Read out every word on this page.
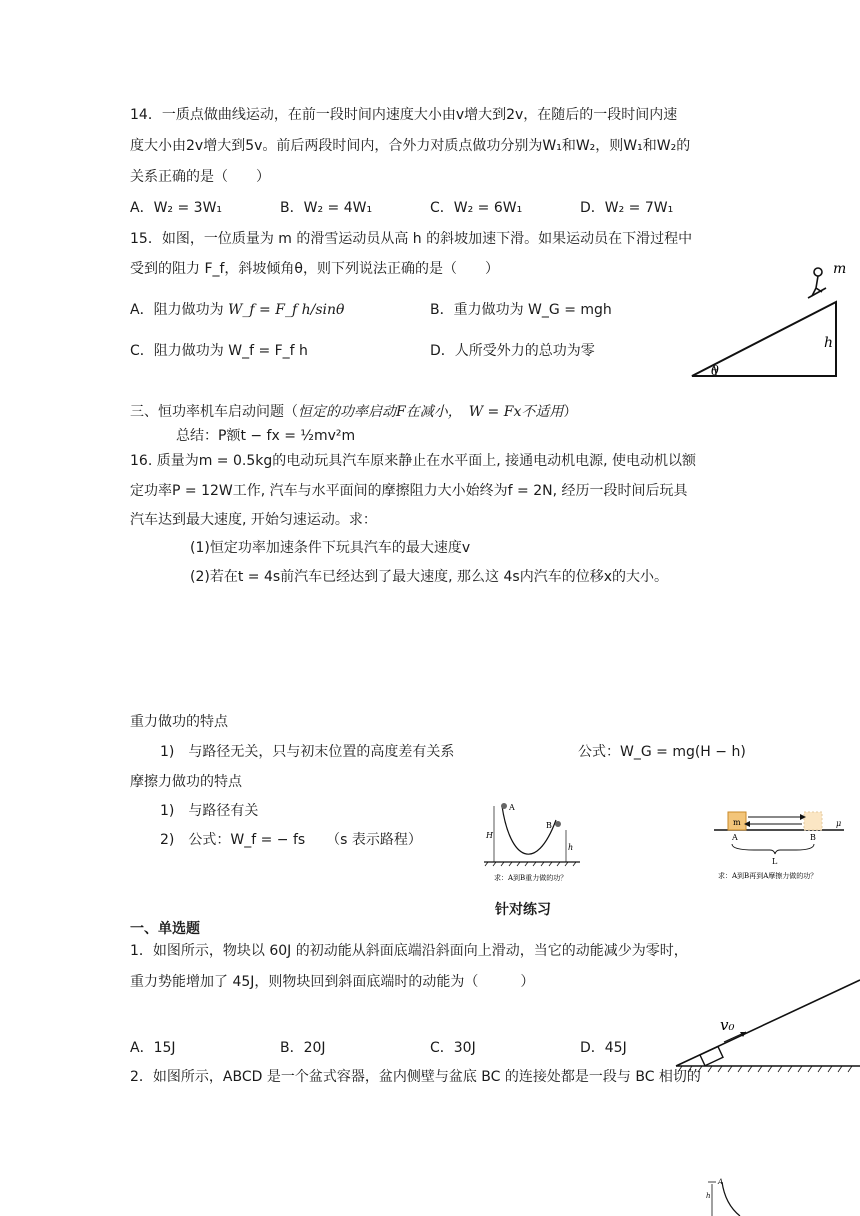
14．一质点做曲线运动，在前一段时间内速度大小由v增大到2v，在随后的一段时间内速
度大小由2v增大到5v。前后两段时间内，合外力对质点做功分别为W₁和W₂，则W₁和W₂的
关系正确的是（　　）
A．W₂ = 3W₁	B．W₂ = 4W₁	C．W₂ = 6W₁	D．W₂ = 7W₁
15．如图，一位质量为 m 的滑雪运动员从高 h 的斜坡加速下滑。如果运动员在下滑过程中
受到的阻力 F_f，斜坡倾角θ，则下列说法正确的是（　　）
A．阻力做功为 W_f = F_f h/sinθ	B．重力做功为 W_G = mgh
C．阻力做功为 W_f = F_f h	D．人所受外力的总功为零
m
h
θ
三、恒功率机车启动问题（恒定的功率启动F在减小，　W = Fx不适用）
总结：P额t − fx = ½mv²m
16. 质量为m = 0.5kg的电动玩具汽车原来静止在水平面上, 接通电动机电源, 使电动机以额
定功率P = 12W工作, 汽车与水平面间的摩擦阻力大小始终为f = 2N, 经历一段时间后玩具
汽车达到最大速度, 开始匀速运动。求：
(1)恒定功率加速条件下玩具汽车的最大速度v
(2)若在t = 4s前汽车已经达到了最大速度, 那么这 4s内汽车的位移x的大小。
重力做功的特点
1)　与路径无关，只与初末位置的高度差有关系	公式：W_G = mg(H − h)
摩擦力做功的特点
1)　与路径有关
2)　公式：W_f = − fs　　（s 表示路程）
A
B
H
h
求：A到B重力做的功？
m
A	B
μ
L
求：A到B再到A摩擦力做的功？
针对练习
一、单选题
1．如图所示，物块以 60J 的初动能从斜面底端沿斜面向上滑动，当它的动能减少为零时，
重力势能增加了 45J，则物块回到斜面底端时的动能为（　　　）
A．15J	B．20J	C．30J	D．45J
v₀
2．如图所示，ABCD 是一个盆式容器，盆内侧壁与盆底 BC 的连接处都是一段与 BC 相切的
A
h
